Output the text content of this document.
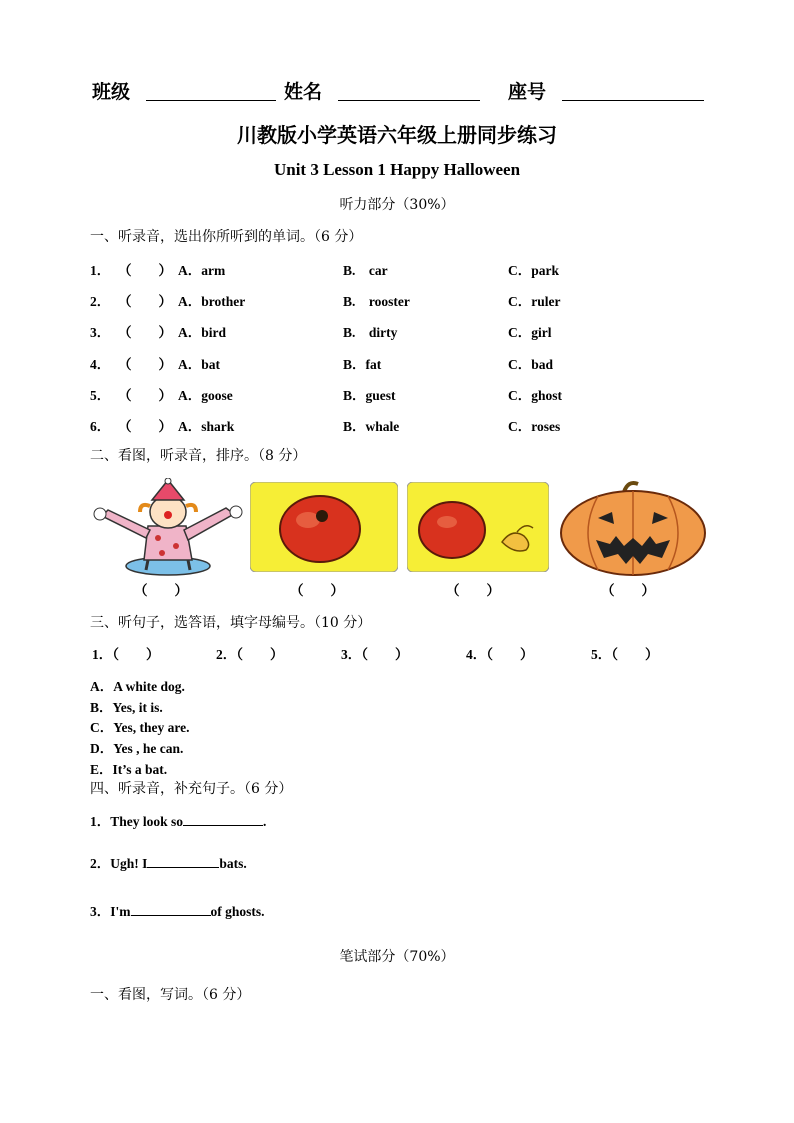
班级	姓名	座号
川教版小学英语六年级上册同步练习
Unit 3 Lesson 1 Happy Halloween
听力部分（30%）
一、听录音，选出你所听到的单词。（6 分）
1． （　　） A．arm	B.　car	C．park
2． （　　） A．brother	B.　rooster	C．ruler
3． （　　） A．bird	B.　dirty	C．girl
4． （　　） A．bat	B．fat	C．bad
5． （　　） A．goose	B．guest	C．ghost
6． （　　） A．shark	B．whale	C．roses
二、看图，听录音，排序。（8 分）
（　　）	（　　）	（　　）	（　　）
三、听句子，选答语，填字母编号。（10 分）
1．（　　）	2．（　　）	3．（　　）	4．（　　）	5．（　　）
A．A white dog.
B．Yes, it is.
C．Yes, they are.
D．Yes , he can.
E．It’s a bat.
四、听录音，补充句子。（6 分）
1．They look so	.
2．Ugh! I	bats.
3．I'm	of ghosts.
笔试部分（70%）
一、看图，写词。（6 分）
